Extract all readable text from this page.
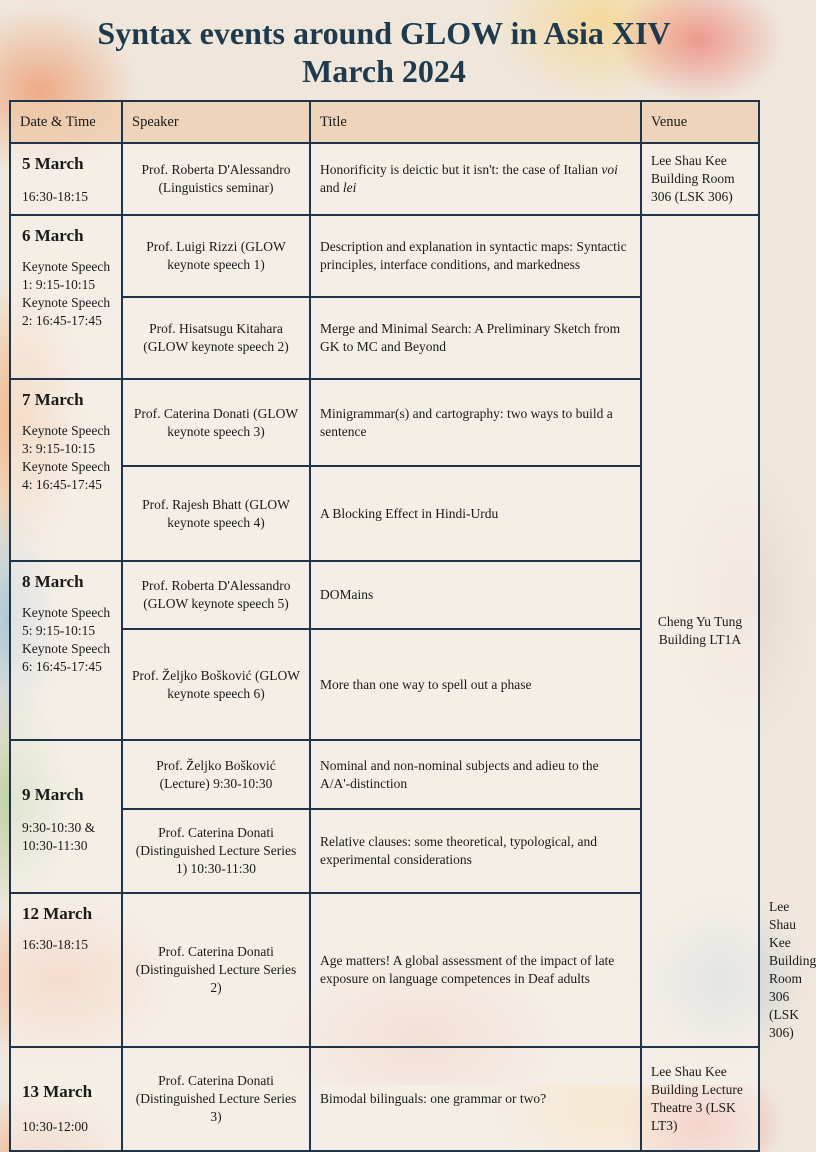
Syntax events around GLOW in Asia XIV
March 2024
Date & Time	Speaker	Title	Venue	

5 March
16:30-18:15	Prof. Roberta D'Alessandro (Linguistics seminar)	Honorificity is deictic but it isn't: the case of Italian voi and lei	Lee Shau Kee Building Room 306 (LSK 306)	

6 March
Keynote Speech 1: 9:15-10:15 Keynote Speech 2: 16:45-17:45	Prof. Luigi Rizzi (GLOW keynote speech 1)	Description and explanation in syntactic maps: Syntactic principles, interface conditions, and markedness	Cheng Yu Tung Building LT1A	
	Prof. Hisatsugu Kitahara (GLOW keynote speech 2)	Merge and Minimal Search: A Preliminary Sketch from GK to MC and Beyond		

7 March
Keynote Speech 3: 9:15-10:15 Keynote Speech 4: 16:45-17:45	Prof. Caterina Donati (GLOW keynote speech 3)	Minigrammar(s) and cartography: two ways to build a sentence		
	Prof. Rajesh Bhatt (GLOW keynote speech 4)	A Blocking Effect in Hindi-Urdu		

8 March
Keynote Speech 5: 9:15-10:15 Keynote Speech 6: 16:45-17:45	Prof. Roberta D'Alessandro (GLOW keynote speech 5)	DOMains		
	Prof. Željko Bošković (GLOW keynote speech 6)	More than one way to spell out a phase		

9 March
9:30-10:30 & 10:30-11:30	Prof. Željko Bošković (Lecture) 9:30-10:30	Nominal and non-nominal subjects and adieu to the A/A'-distinction		
	Prof. Caterina Donati (Distinguished Lecture Series 1) 10:30-11:30	Relative clauses: some theoretical, typological, and experimental considerations		

12 March
16:30-18:15	Prof. Caterina Donati (Distinguished Lecture Series 2)	Age matters! A global assessment of the impact of late exposure on language competences in Deaf adults		Lee Shau Kee Building Room 306 (LSK 306)

13 March
10:30-12:00	Prof. Caterina Donati (Distinguished Lecture Series 3)	Bimodal bilinguals: one grammar or two?	Lee Shau Kee Building Lecture Theatre 3 (LSK LT3)	
